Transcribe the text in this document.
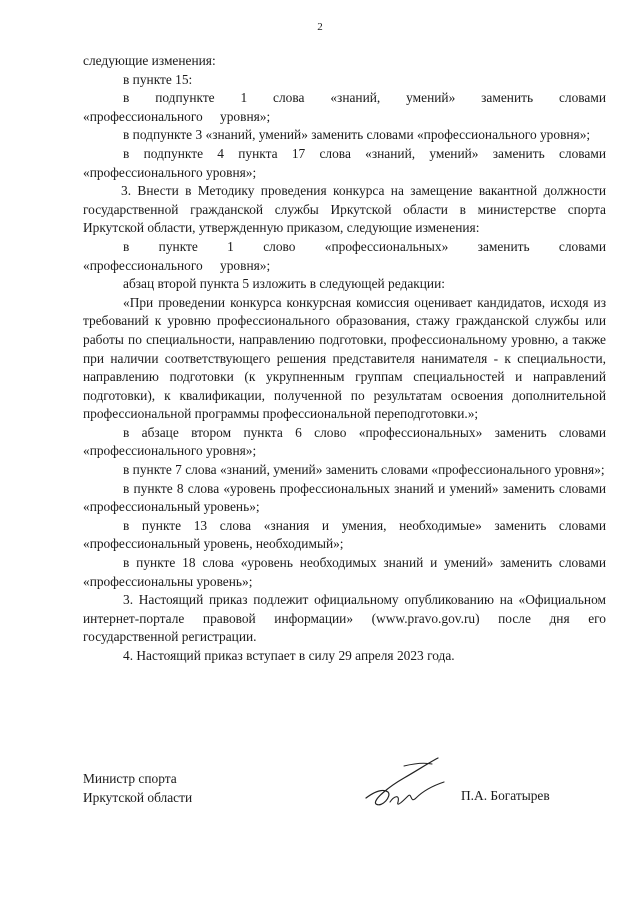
2

следующие изменения:

в пункте 15:

в подпункте 1 слова «знаний, умений» заменить словами «профессионального уровня»;

в подпункте 3 «знаний, умений» заменить словами «профессионального уровня»;

в подпункте 4 пункта 17 слова «знаний, умений» заменить словами «профессионального уровня»;

3. Внести в Методику проведения конкурса на замещение вакантной должности государственной гражданской службы Иркутской области в министерстве спорта Иркутской области, утвержденную приказом, следующие изменения:

в пункте 1 слово «профессиональных» заменить словами «профессионального уровня»;

абзац второй пункта 5 изложить в следующей редакции:

«При проведении конкурса конкурсная комиссия оценивает кандидатов, исходя из требований к уровню профессионального образования, стажу гражданской службы или работы по специальности, направлению подготовки, профессиональному уровню, а также при наличии соответствующего решения представителя нанимателя - к специальности, направлению подготовки (к укрупненным группам специальностей и направлений подготовки), к квалификации, полученной по результатам освоения дополнительной профессиональной программы профессиональной переподготовки.»;

в абзаце втором пункта 6 слово «профессиональных» заменить словами «профессионального уровня»;

в пункте 7 слова «знаний, умений» заменить словами «профессионального уровня»;

в пункте 8 слова «уровень профессиональных знаний и умений» заменить словами «профессиональный уровень»;

в пункте 13 слова «знания и умения, необходимые» заменить словами «профессиональный уровень, необходимый»;

в пункте 18 слова «уровень необходимых знаний и умений» заменить словами «профессиональны уровень»;

3. Настоящий приказ подлежит официальному опубликованию на «Официальном интернет-портале правовой информации» (www.pravo.gov.ru) после дня его государственной регистрации.

4. Настоящий приказ вступает в силу 29 апреля 2023 года.

Министр спорта
Иркутской области	П.А. Богатырев
